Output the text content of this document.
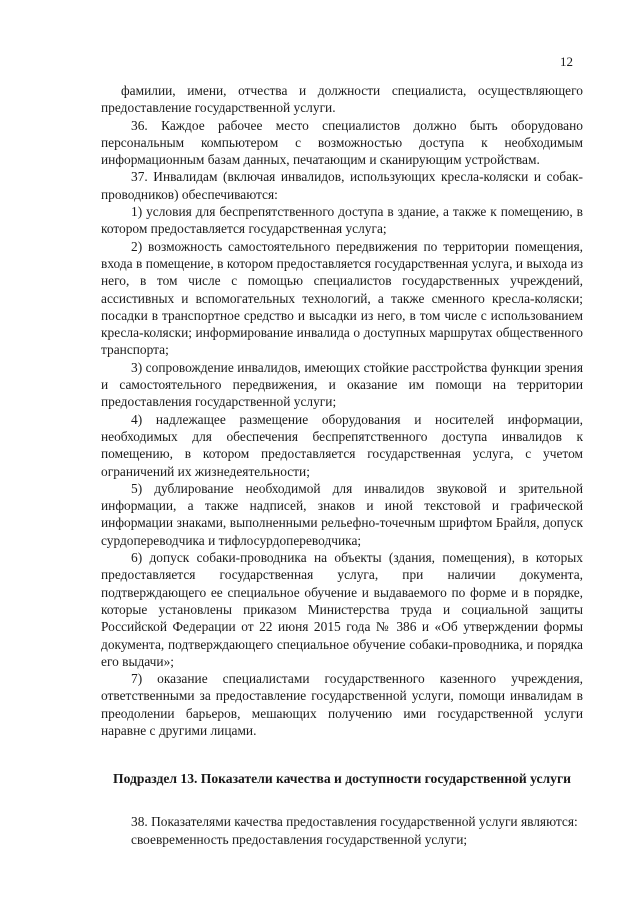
12

фамилии, имени, отчества и должности специалиста, осуществляющего предоставление государственной услуги.

36. Каждое рабочее место специалистов должно быть оборудовано персональным компьютером с возможностью доступа к необходимым информационным базам данных, печатающим и сканирующим устройствам.

37. Инвалидам (включая инвалидов, использующих кресла-коляски и собак-проводников) обеспечиваются:

1) условия для беспрепятственного доступа в здание, а также к помещению, в котором предоставляется государственная услуга;

2) возможность самостоятельного передвижения по территории помещения, входа в помещение, в котором предоставляется государственная услуга, и выхода из него, в том числе с помощью специалистов государственных учреждений, ассистивных и вспомогательных технологий, а также сменного кресла-коляски; посадки в транспортное средство и высадки из него, в том числе с использованием кресла-коляски; информирование инвалида о доступных маршрутах общественного транспорта;

3) сопровождение инвалидов, имеющих стойкие расстройства функции зрения и самостоятельного передвижения, и оказание им помощи на территории предоставления государственной услуги;

4) надлежащее размещение оборудования и носителей информации, необходимых для обеспечения беспрепятственного доступа инвалидов к помещению, в котором предоставляется государственная услуга, с учетом ограничений их жизнедеятельности;

5) дублирование необходимой для инвалидов звуковой и зрительной информации, а также надписей, знаков и иной текстовой и графической информации знаками, выполненными рельефно-точечным шрифтом Брайля, допуск сурдопереводчика и тифлосурдопереводчика;

6) допуск собаки-проводника на объекты (здания, помещения), в которых предоставляется государственная услуга, при наличии документа, подтверждающего ее специальное обучение и выдаваемого по форме и в порядке, которые установлены приказом Министерства труда и социальной защиты Российской Федерации от 22 июня 2015 года № 386 и «Об утверждении формы документа, подтверждающего специальное обучение собаки-проводника, и порядка его выдачи»;

7) оказание специалистами государственного казенного учреждения, ответственными за предоставление государственной услуги, помощи инвалидам в преодолении барьеров, мешающих получению ими государственной услуги наравне с другими лицами.

Подраздел 13. Показатели качества и доступности государственной услуги

38. Показателями качества предоставления государственной услуги являются:

своевременность предоставления государственной услуги;
